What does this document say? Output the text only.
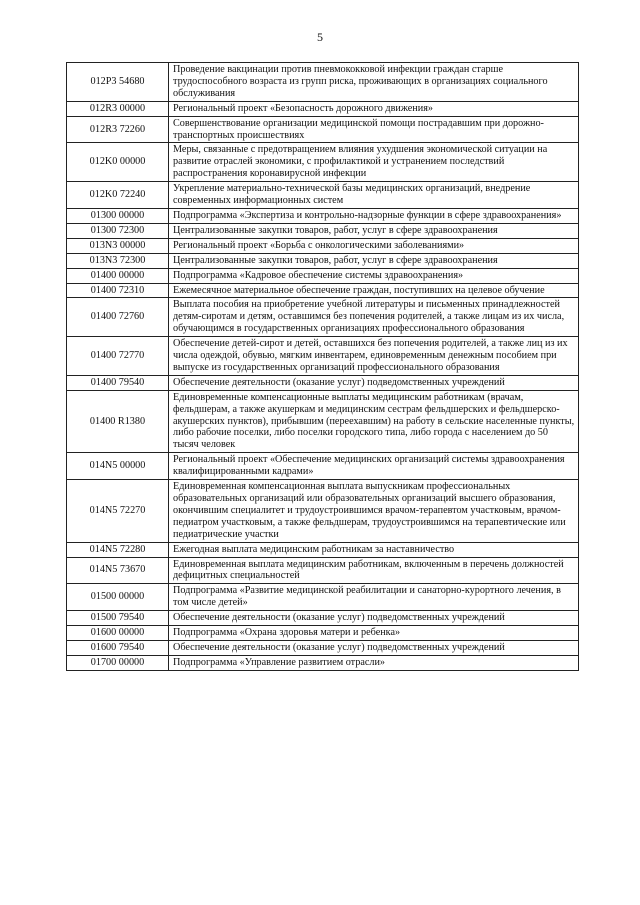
5
012Р3 54680	Проведение вакцинации против пневмококковой инфекции граждан старше трудоспособного возраста из групп риска, проживающих в организациях социального обслуживания
012R3 00000	Региональный проект «Безопасность дорожного движения»
012R3 72260	Совершенствование организации медицинской помощи пострадавшим при дорожно-транспортных происшествиях
012K0 00000	Меры, связанные с предотвращением влияния ухудшения экономической ситуации на развитие отраслей экономики, с профилактикой и устранением последствий распространения коронавирусной инфекции
012K0 72240	Укрепление материально-технической базы медицинских организаций, внедрение современных информационных систем
01300 00000	Подпрограмма «Экспертиза и контрольно-надзорные функции в сфере здравоохранения»
01300 72300	Централизованные закупки товаров, работ, услуг в сфере здравоохранения
013N3 00000	Региональный проект «Борьба с онкологическими заболеваниями»
013N3 72300	Централизованные закупки товаров, работ, услуг в сфере здравоохранения
01400 00000	Подпрограмма «Кадровое обеспечение системы здравоохранения»
01400 72310	Ежемесячное материальное обеспечение граждан, поступивших на целевое обучение
01400 72760	Выплата пособия на приобретение учебной литературы и письменных принадлежностей детям-сиротам и детям, оставшимся без попечения родителей, а также лицам из их числа, обучающимся в государственных организациях профессионального образования
01400 72770	Обеспечение детей-сирот и детей, оставшихся без попечения родителей, а также лиц из их числа одеждой, обувью, мягким инвентарем, единовременным денежным пособием при выпуске из государственных организаций профессионального образования
01400 79540	Обеспечение деятельности (оказание услуг) подведомственных учреждений
01400 R1380	Единовременные компенсационные выплаты медицинским работникам (врачам, фельдшерам, а также акушеркам и медицинским сестрам фельдшерских и фельдшерско-акушерских пунктов), прибывшим (переехавшим) на работу в сельские населенные пункты, либо рабочие поселки, либо поселки городского типа, либо города с населением до 50 тысяч человек
014N5 00000	Региональный проект «Обеспечение медицинских организаций системы здравоохранения квалифицированными кадрами»
014N5 72270	Единовременная компенсационная выплата выпускникам профессиональных образовательных организаций или образовательных организаций высшего образования, окончившим специалитет и трудоустроившимся врачом-терапевтом участковым, врачом-педиатром участковым, а также фельдшерам, трудоустроившимся на терапевтические или педиатрические участки
014N5 72280	Ежегодная выплата медицинским работникам за наставничество
014N5 73670	Единовременная выплата медицинским работникам, включенным в перечень должностей дефицитных специальностей
01500 00000	Подпрограмма «Развитие медицинской реабилитации и санаторно-курортного лечения, в том числе детей»
01500 79540	Обеспечение деятельности (оказание услуг) подведомственных учреждений
01600 00000	Подпрограмма «Охрана здоровья матери и ребенка»
01600 79540	Обеспечение деятельности (оказание услуг) подведомственных учреждений
01700 00000	Подпрограмма «Управление развитием отрасли»
